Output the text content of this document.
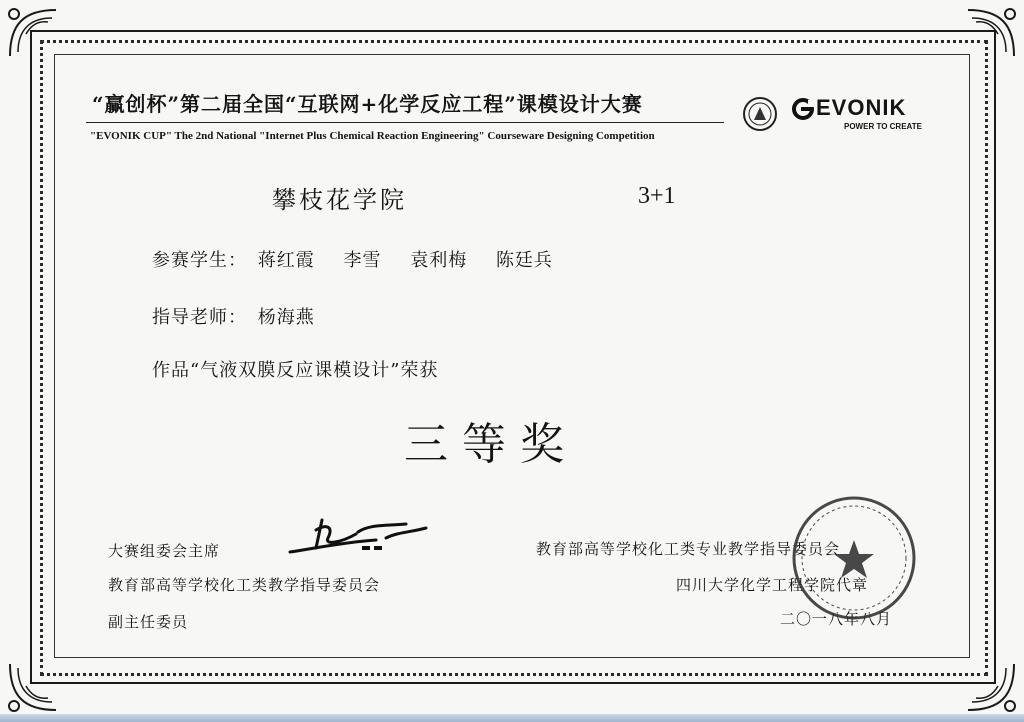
“赢创杯”第二届全国“互联网+化学反应工程”课模设计大赛
"EVONIK CUP" The 2nd National "Internet Plus Chemical Reaction Engineering" Courseware Designing Competition
EVONIK
POWER TO CREATE
攀枝花学院	3+1
参赛学生： 蒋红霞 李雪 袁利梅 陈廷兵
指导老师： 杨海燕
作品“气液双膜反应课模设计”荣获
三等奖
大赛组委会主席
教育部高等学校化工类教学指导委员会
副主任委员
教育部高等学校化工类专业教学指导委员会
四川大学化学工程学院代章
二〇一八年八月
